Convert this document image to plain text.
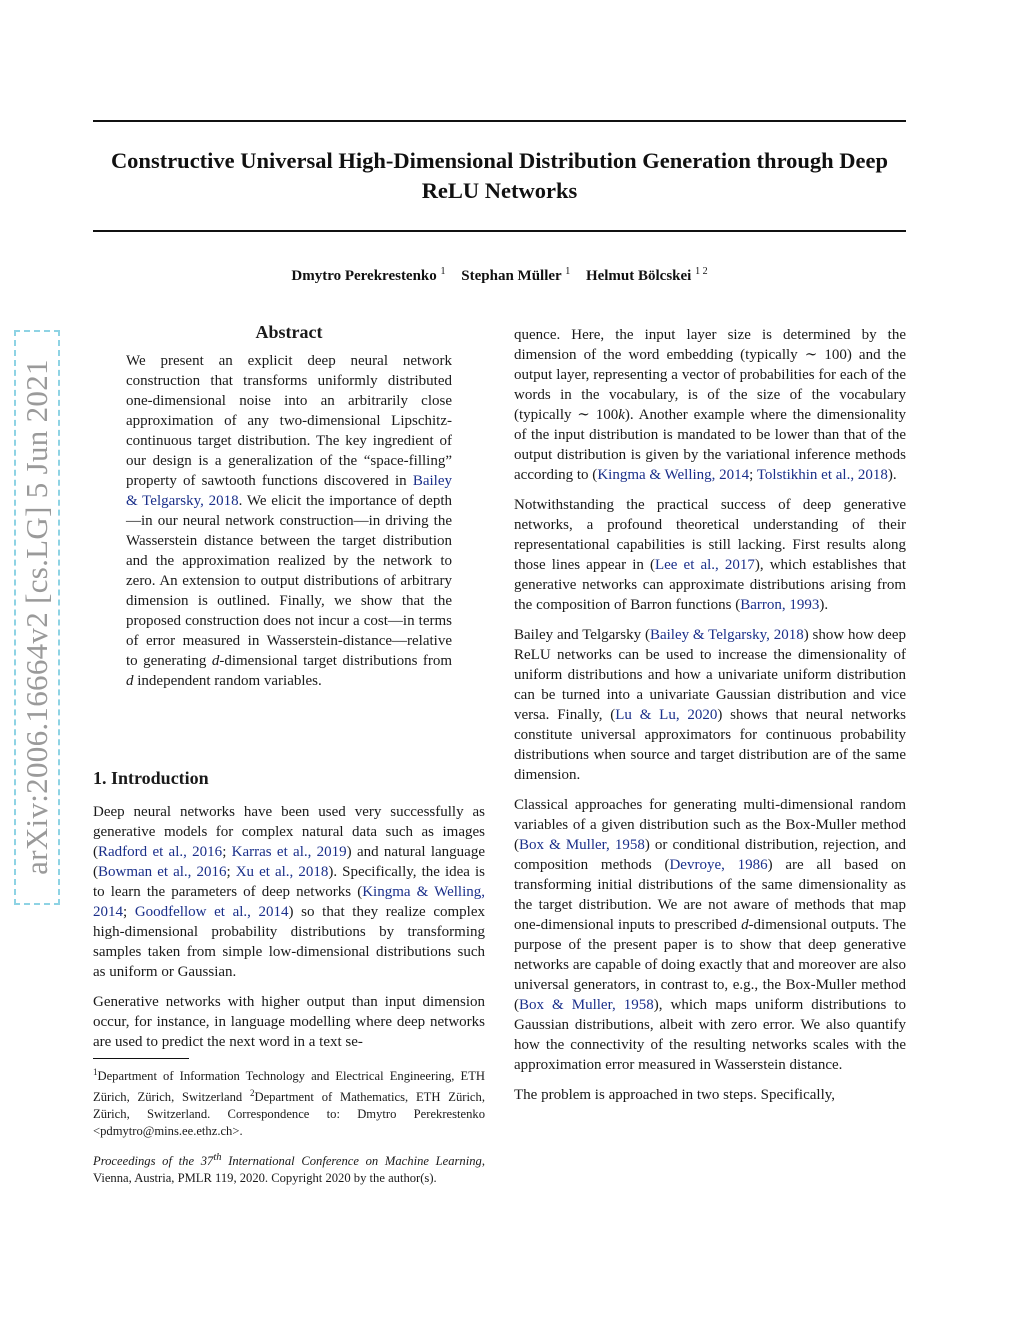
Constructive Universal High-Dimensional Distribution Generation through Deep ReLU Networks
Dmytro Perekrestenko $^1$ Stephan Müller $^1$ Helmut Bölcskei $^{1 2}$
arXiv:2006.16664v2 [cs.LG] 5 Jun 2021
Abstract
We present an explicit deep neural network construction that transforms uniformly distributed one-dimensional noise into an arbitrarily close approximation of any two-dimensional Lipschitz-continuous target distribution. The key ingredient of our design is a generalization of the “space-filling” property of sawtooth functions discovered in Bailey & Telgarsky, 2018. We elicit the importance of depth—in our neural network construction—in driving the Wasserstein distance between the target distribution and the approximation realized by the network to zero. An extension to output distributions of arbitrary dimension is outlined. Finally, we show that the proposed construction does not incur a cost—in terms of error measured in Wasserstein-distance—relative to generating d-dimensional target distributions from d independent random variables.
1. Introduction

Deep neural networks have been used very successfully as generative models for complex natural data such as images (Radford et al., 2016; Karras et al., 2019) and natural language (Bowman et al., 2016; Xu et al., 2018). Specifically, the idea is to learn the parameters of deep networks (Kingma & Welling, 2014; Goodfellow et al., 2014) so that they realize complex high-dimensional probability distributions by transforming samples taken from simple low-dimensional distributions such as uniform or Gaussian.

Generative networks with higher output than input dimension occur, for instance, in language modelling where deep networks are used to predict the next word in a text se-

$^1$Department of Information Technology and Electrical Engineering, ETH Zürich, Zürich, Switzerland $^2$Department of Mathematics, ETH Zürich, Zürich, Switzerland. Correspondence to: Dmytro Perekrestenko <pdmytro@mins.ee.ethz.ch>.
Proceedings of the 37th International Conference on Machine Learning, Vienna, Austria, PMLR 119, 2020. Copyright 2020 by the author(s).

quence. Here, the input layer size is determined by the dimension of the word embedding (typically ∼ 100) and the output layer, representing a vector of probabilities for each of the words in the vocabulary, is of the size of the vocabulary (typically ∼ 100k). Another example where the dimensionality of the input distribution is mandated to be lower than that of the output distribution is given by the variational inference methods according to (Kingma & Welling, 2014; Tolstikhin et al., 2018).

Notwithstanding the practical success of deep generative networks, a profound theoretical understanding of their representational capabilities is still lacking. First results along those lines appear in (Lee et al., 2017), which establishes that generative networks can approximate distributions arising from the composition of Barron functions (Barron, 1993).

Bailey and Telgarsky (Bailey & Telgarsky, 2018) show how deep ReLU networks can be used to increase the dimensionality of uniform distributions and how a univariate uniform distribution can be turned into a univariate Gaussian distribution and vice versa. Finally, (Lu & Lu, 2020) shows that neural networks constitute universal approximators for continuous probability distributions when source and target distribution are of the same dimension.

Classical approaches for generating multi-dimensional random variables of a given distribution such as the Box-Muller method (Box & Muller, 1958) or conditional distribution, rejection, and composition methods (Devroye, 1986) are all based on transforming initial distributions of the same dimensionality as the target distribution. We are not aware of methods that map one-dimensional inputs to prescribed d-dimensional outputs. The purpose of the present paper is to show that deep generative networks are capable of doing exactly that and moreover are also universal generators, in contrast to, e.g., the Box-Muller method (Box & Muller, 1958), which maps uniform distributions to Gaussian distributions, albeit with zero error. We also quantify how the connectivity of the resulting networks scales with the approximation error measured in Wasserstein distance.

The problem is approached in two steps. Specifically,
